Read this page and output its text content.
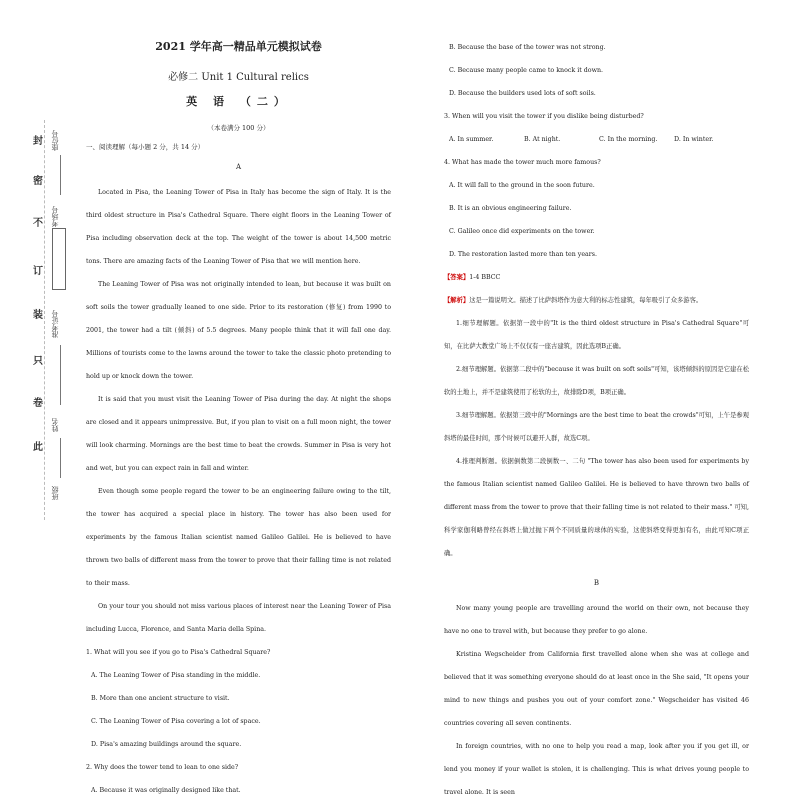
封
密
不
订
装
只
卷
此
座位号
考场号
准考证号
姓名
班级
2021 学年高一精品单元模拟试卷
必修二 Unit 1 Cultural relics
英 语 （二）
（本卷满分 100 分）
一、阅读理解（每小题 2 分，共 14 分）
A

Located in Pisa, the Leaning Tower of Pisa in Italy has become the sign of Italy. It is the third oldest structure in Pisa's Cathedral Square. There eight floors in the Leaning Tower of Pisa including observation deck at the top. The weight of the tower is about 14,500 metric tons. There are amazing facts of the Leaning Tower of Pisa that we will mention here.

The Leaning Tower of Pisa was not originally intended to lean, but because it was built on soft soils the tower gradually leaned to one side. Prior to its restoration (修复) from 1990 to 2001, the tower had a tilt (倾斜) of 5.5 degrees. Many people think that it will fall one day. Millions of tourists come to the lawns around the tower to take the classic photo pretending to hold up or knock down the tower.

It is said that you must visit the Leaning Tower of Pisa during the day. At night the shops are closed and it appears unimpressive. But, if you plan to visit on a full moon night, the tower will look charming. Mornings are the best time to beat the crowds. Summer in Pisa is very hot and wet, but you can expect rain in fall and winter.

Even though some people regard the tower to be an engineering failure owing to the tilt, the tower has acquired a special place in history. The tower has also been used for experiments by the famous Italian scientist named Galileo Galilei. He is believed to have thrown two balls of different mass from the tower to prove that their falling time is not related to their mass.

On your tour you should not miss various places of interest near the Leaning Tower of Pisa including Lucca, Florence, and Santa Maria della Spina.

1. What will you see if you go to Pisa's Cathedral Square?

A. The Leaning Tower of Pisa standing in the middle.

B. More than one ancient structure to visit.

C. The Leaning Tower of Pisa covering a lot of space.

D. Pisa's amazing buildings around the square.

2. Why does the tower tend to lean to one side?

A. Because it was originally designed like that.

B. Because the base of the tower was not strong.

C. Because many people came to knock it down.

D. Because the builders used lots of soft soils.

3. When will you visit the tower if you dislike being disturbed?

A. In summer.	B. At night.	C. In the morning.	D. In winter.

4. What has made the tower much more famous?

A. It will fall to the ground in the soon future.

B. It is an obvious engineering failure.

C. Galileo once did experiments on the tower.

D. The restoration lasted more than ten years.

【答案】1-4 BBCC

【解析】这是一篇说明文。描述了比萨斜塔作为意大利的标志性建筑，每年吸引了众多游客。

1.细节理解题。依据第一段中的"It is the third oldest structure in Pisa's Cathedral Square"可知，在比萨大教堂广场上不仅仅有一座古建筑，因此选项B正确。

2.细节理解题。依据第二段中的"because it was built on soft soils"可知，该塔倾斜的原因是它建在松软的土地上，并不是建筑使用了松软的土，故排除D项，B项正确。

3.细节理解题。依据第三段中的"Mornings are the best time to beat the crowds"可知，上午是参观斜塔的最佳时间，那个时候可以避开人群，故选C项。

4.推理判断题。依据倒数第二段倒数一、二句 "The tower has also been used for experiments by the famous Italian scientist named Galileo Galilei. He is believed to have thrown two balls of different mass from the tower to prove that their falling time is not related to their mass." 可知,科学家伽利略曾经在斜塔上做过抛下两个不同质量的球体的实验，这使斜塔变得更加有名，由此可知C项正确。

B

Now many young people are travelling around the world on their own, not because they have no one to travel with, but because they prefer to go alone.

Kristina Wegscheider from California first travelled alone when she was at college and believed that it was something everyone should do at least once in the She said, "It opens your mind to new things and pushes you out of your comfort zone." Wegscheider has visited 46 countries covering all seven continents.

In foreign countries, with no one to help you read a map, look after you if you get ill, or lend you money if your wallet is stolen, it is challenging. This is what drives young people to travel alone. It is seen
